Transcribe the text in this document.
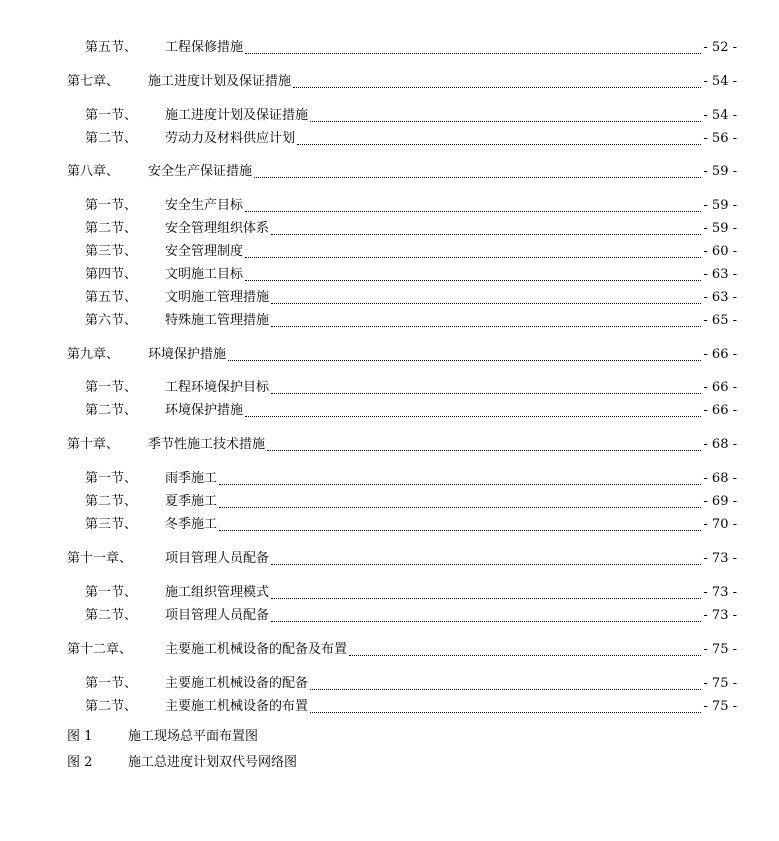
第五节、 工程保修措施	- 52 -
第七章、 施工进度计划及保证措施	- 54 -
第一节、 施工进度计划及保证措施	- 54 -
第二节、 劳动力及材料供应计划	- 56 -
第八章、 安全生产保证措施	- 59 -
第一节、 安全生产目标	- 59 -
第二节、 安全管理组织体系	- 59 -
第三节、 安全管理制度	- 60 -
第四节、 文明施工目标	- 63 -
第五节、 文明施工管理措施	- 63 -
第六节、 特殊施工管理措施	- 65 -
第九章、 环境保护措施	- 66 -
第一节、 工程环境保护目标	- 66 -
第二节、 环境保护措施	- 66 -
第十章、 季节性施工技术措施	- 68 -
第一节、 雨季施工	- 68 -
第二节、 夏季施工	- 69 -
第三节、 冬季施工	- 70 -
第十一章、	项目管理人员配备	- 73 -
第一节、 施工组织管理模式	- 73 -
第二节、 项目管理人员配备	- 73 -
第十二章、	主要施工机械设备的配备及布置	- 75 -
第一节、 主要施工机械设备的配备	- 75 -
第二节、 主要施工机械设备的布置	- 75 -
图 1	施工现场总平面布置图
图 2	施工总进度计划双代号网络图
